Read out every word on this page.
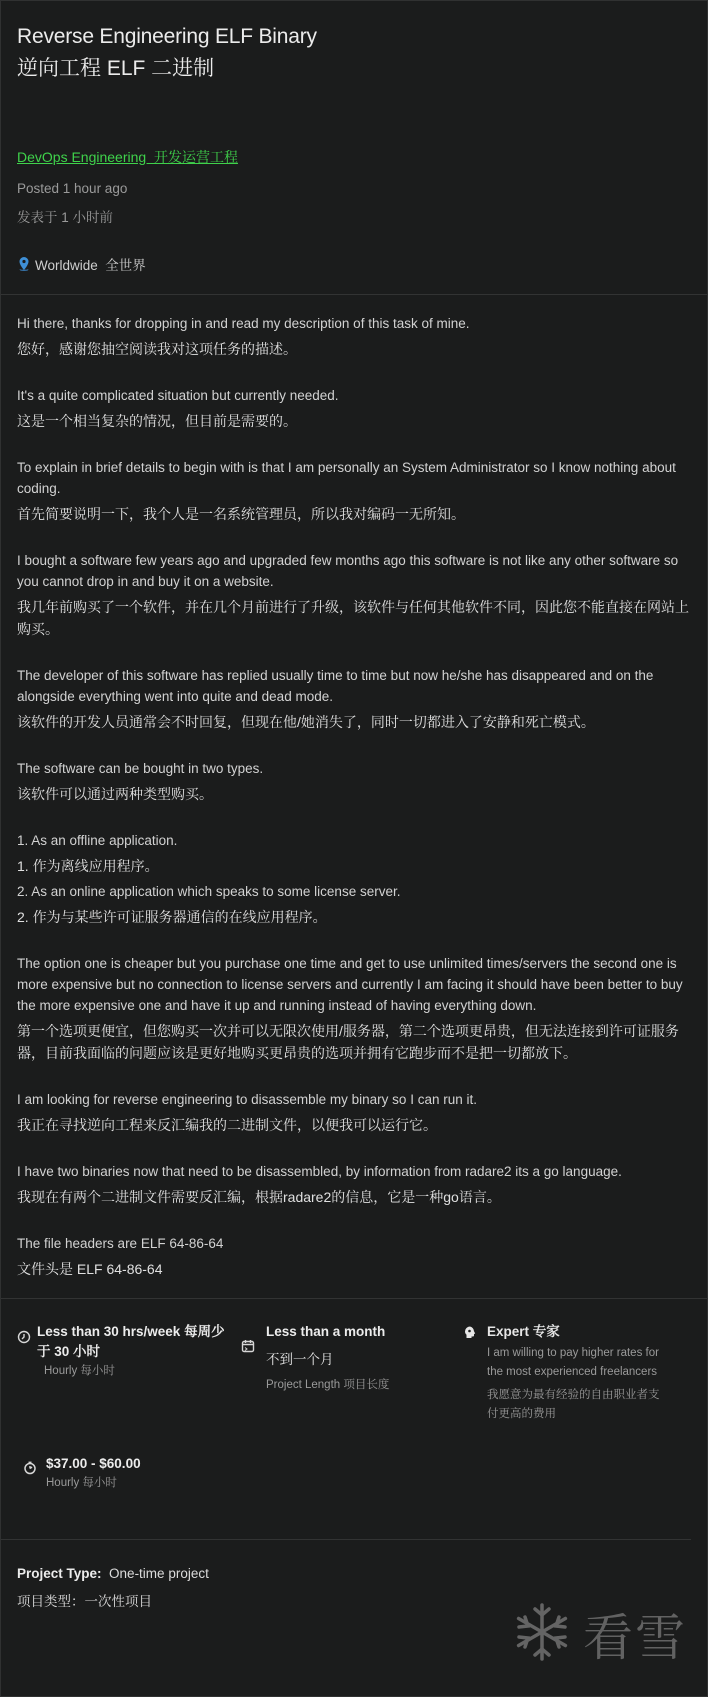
Reverse Engineering ELF Binary
逆向工程 ELF 二进制
DevOps Engineering  开发运营工程
Posted 1 hour ago
发表于 1 小时前
Worldwide  全世界

Hi there, thanks for dropping in and read my description of this task of mine.

您好，感谢您抽空阅读我对这项任务的描述。

It's a quite complicated situation but currently needed.

这是一个相当复杂的情况，但目前是需要的。

To explain in brief details to begin with is that I am personally an System Administrator so I know nothing about coding.

首先简要说明一下，我个人是一名系统管理员，所以我对编码一无所知。

I bought a software few years ago and upgraded few months ago this software is not like any other software so you cannot drop in and buy it on a website.

我几年前购买了一个软件，并在几个月前进行了升级，该软件与任何其他软件不同，因此您不能直接在网站上购买。

The developer of this software has replied usually time to time but now he/she has disappeared and on the alongside everything went into quite and dead mode.

该软件的开发人员通常会不时回复，但现在他/她消失了，同时一切都进入了安静和死亡模式。

The software can be bought in two types.

该软件可以通过两种类型购买。

1. As an offline application.

1. 作为离线应用程序。

2. As an online application which speaks to some license server.

2. 作为与某些许可证服务器通信的在线应用程序。

The option one is cheaper but you purchase one time and get to use unlimited times/servers the second one is more expensive but no connection to license servers and currently I am facing it should have been better to buy the more expensive one and have it up and running instead of having everything down.

第一个选项更便宜，但您购买一次并可以无限次使用/服务器，第二个选项更昂贵，但无法连接到许可证服务器，目前我面临的问题应该是更好地购买更昂贵的选项并拥有它跑步而不是把一切都放下。

I am looking for reverse engineering to disassemble my binary so I can run it.

我正在寻找逆向工程来反汇编我的二进制文件，以便我可以运行它。

I have two binaries now that need to be disassembled, by information from radare2 its a go language.

我现在有两个二进制文件需要反汇编，根据radare2的信息，它是一种go语言。

The file headers are ELF 64-86-64

文件头是 ELF 64-86-64

Less than 30 hrs/week 每周少于 30 小时
Hourly 每小时
Less than a month
不到一个月
Project Length 项目长度
Expert 专家
I am willing to pay higher rates for the most experienced freelancers
我愿意为最有经验的自由职业者支付更高的费用
$37.00 - $60.00
Hourly 每小时
Project Type: One-time project
项目类型：一次性项目
看雪
